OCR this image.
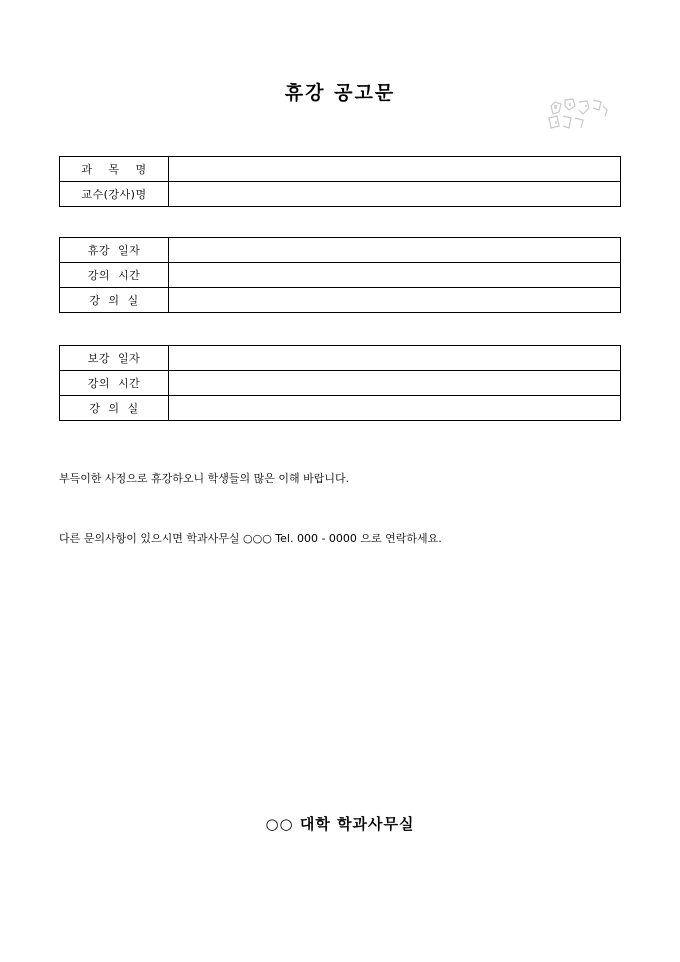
휴강 공고문
과    목    명	
교수(강사)명	
휴강  일자	
강의  시간	
강  의  실	
보강  일자	
강의  시간	
강  의  실	
부득이한 사정으로 휴강하오니 학생들의 많은 이해 바랍니다.
다른 문의사항이 있으시면 학과사무실 ○○○ Tel. 000 - 0000 으로 연락하세요.
○○ 대학 학과사무실
